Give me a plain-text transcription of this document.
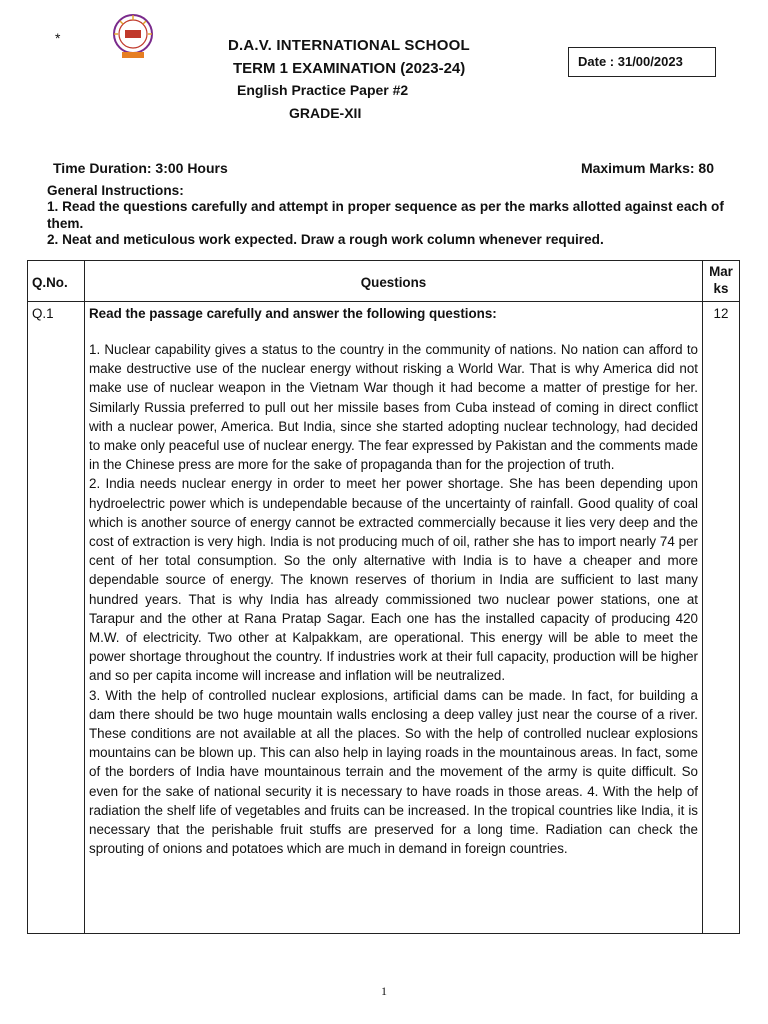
*	D.A.V. INTERNATIONAL SCHOOL
TERM 1 EXAMINATION (2023-24)
English Practice Paper #2
GRADE-XII
Date : 31/00/2023
Time Duration: 3:00 Hours	Maximum Marks: 80
General Instructions:
1. Read the questions carefully and attempt in proper sequence as per the marks allotted against each of them.
2. Neat and meticulous work expected. Draw a rough work column whenever required.
Q.No.	Questions	Mar
ks

Q.1	Read the passage carefully and answer the following questions:

1. Nuclear capability gives a status to the country in the community of nations. No nation can afford to make destructive use of the nuclear energy without risking a World War. That is why America did not make use of nuclear weapon in the Vietnam War though it had become a matter of prestige for her. Similarly Russia preferred to pull out her missile bases from Cuba instead of coming in direct conflict with a nuclear power, America. But India, since she started adopting nuclear technology, had decided to make only peaceful use of nuclear energy. The fear expressed by Pakistan and the comments made in the Chinese press are more for the sake of propaganda than for the projection of truth.

2. India needs nuclear energy in order to meet her power shortage. She has been depending upon hydroelectric power which is undependable because of the uncertainty of rainfall. Good quality of coal which is another source of energy cannot be extracted commercially because it lies very deep and the cost of extraction is very high. India is not producing much of oil, rather she has to import nearly 74 per cent of her total consumption. So the only alternative with India is to have a cheaper and more dependable source of energy. The known reserves of thorium in India are sufficient to last many hundred years. That is why India has already commissioned two nuclear power stations, one at Tarapur and the other at Rana Pratap Sagar. Each one has the installed capacity of producing 420 M.W. of electricity. Two other at Kalpakkam, are operational. This energy will be able to meet the power shortage throughout the country. If industries work at their full capacity, production will be higher and so per capita income will increase and inflation will be neutralized.

3. With the help of controlled nuclear explosions, artificial dams can be made. In fact, for building a dam there should be two huge mountain walls enclosing a deep valley just near the course of a river. These conditions are not available at all the places. So with the help of controlled nuclear explosions mountains can be blown up. This can also help in laying roads in the mountainous areas. In fact, some of the borders of India have mountainous terrain and the movement of the army is quite difficult. So even for the sake of national security it is necessary to have roads in those areas. 4. With the help of radiation the shelf life of vegetables and fruits can be increased. In the tropical countries like India, it is necessary that the perishable fruit stuffs are preserved for a long time. Radiation can check the sprouting of onions and potatoes which are much in demand in foreign countries.	12
1
